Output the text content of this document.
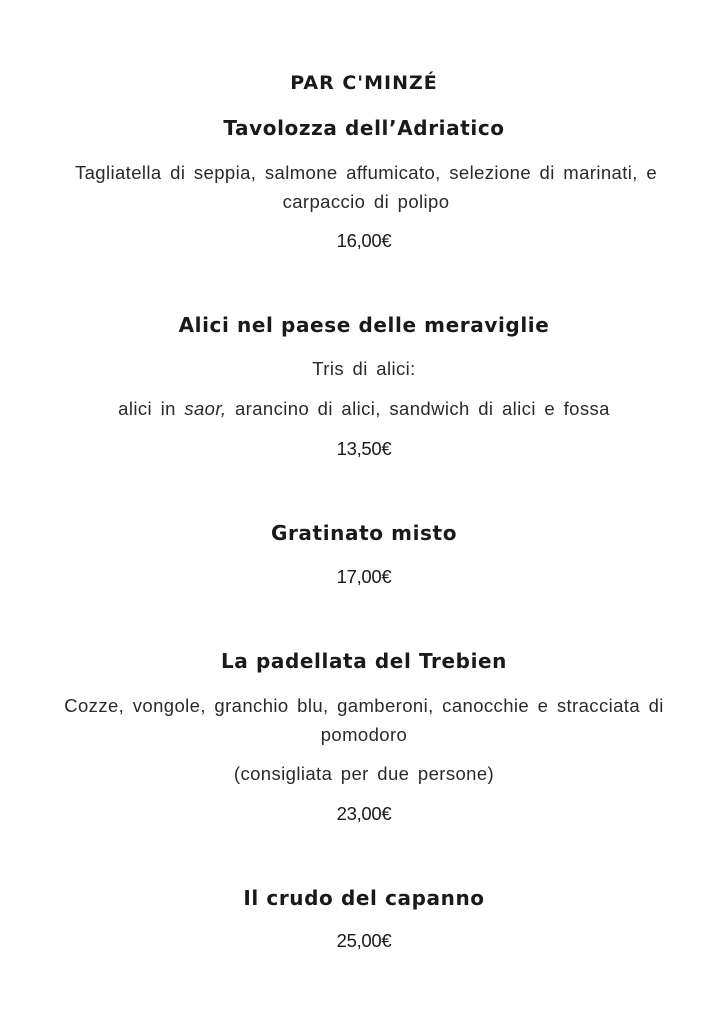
PAR C'MINZÉ
Tavolozza dell’Adriatico
Tagliatella di seppia, salmone affumicato, selezione di marinati, e carpaccio di polipo
16,00€
Alici nel paese delle meraviglie
Tris di alici:
alici in saor, arancino di alici, sandwich di alici e fossa
13,50€
Gratinato misto
17,00€
La padellata del Trebien
Cozze, vongole, granchio blu, gamberoni, canocchie e stracciata di pomodoro
(consigliata per due persone)
23,00€
Il crudo del capanno
25,00€
